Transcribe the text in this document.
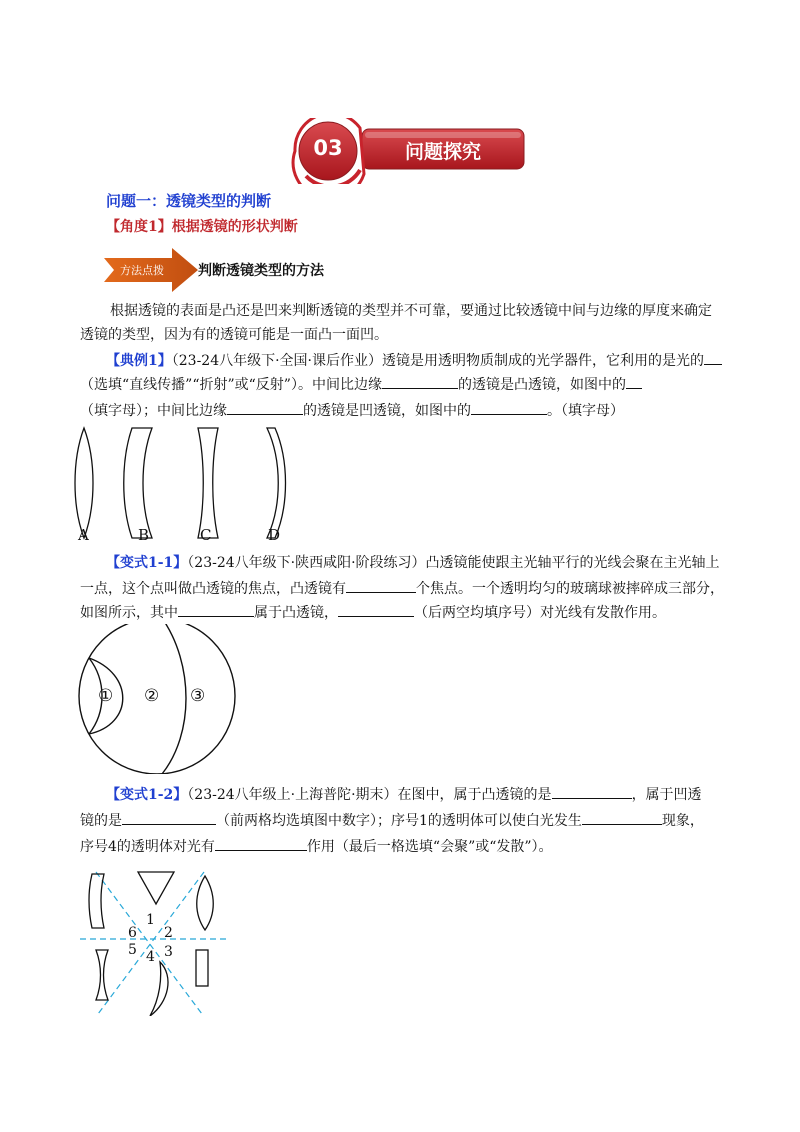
03	问题探究
问题一：透镜类型的判断
【角度1】根据透镜的形状判断
方法点拨 判断透镜类型的方法
根据透镜的表面是凸还是凹来判断透镜的类型并不可靠，要通过比较透镜中间与边缘的厚度来确定
透镜的类型，因为有的透镜可能是一面凸一面凹。
【典例1】（23-24八年级下·全国·课后作业）透镜是用透明物质制成的光学器件，它利用的是光的
（选填“直线传播”“折射”或“反射”）。中间比边缘	的透镜是凸透镜，如图中的
（填字母）；中间比边缘	的透镜是凹透镜，如图中的	。（填字母）
A	B	C	D
【变式1-1】（23-24八年级下·陕西咸阳·阶段练习）凸透镜能使跟主光轴平行的光线会聚在主光轴上
一点，这个点叫做凸透镜的焦点，凸透镜有	个焦点。一个透明均匀的玻璃球被摔碎成三部分，
如图所示，其中	属于凸透镜，	（后两空均填序号）对光线有发散作用。
① ② ③
【变式1-2】（23-24八年级上·上海普陀·期末）在图中，属于凸透镜的是	，属于凹透
镜的是	（前两格均选填图中数字）；序号1的透明体可以使白光发生	现象，
序号4的透明体对光有	作用（最后一格选填“会聚”或“发散”）。
1
2
3
4
5
6
